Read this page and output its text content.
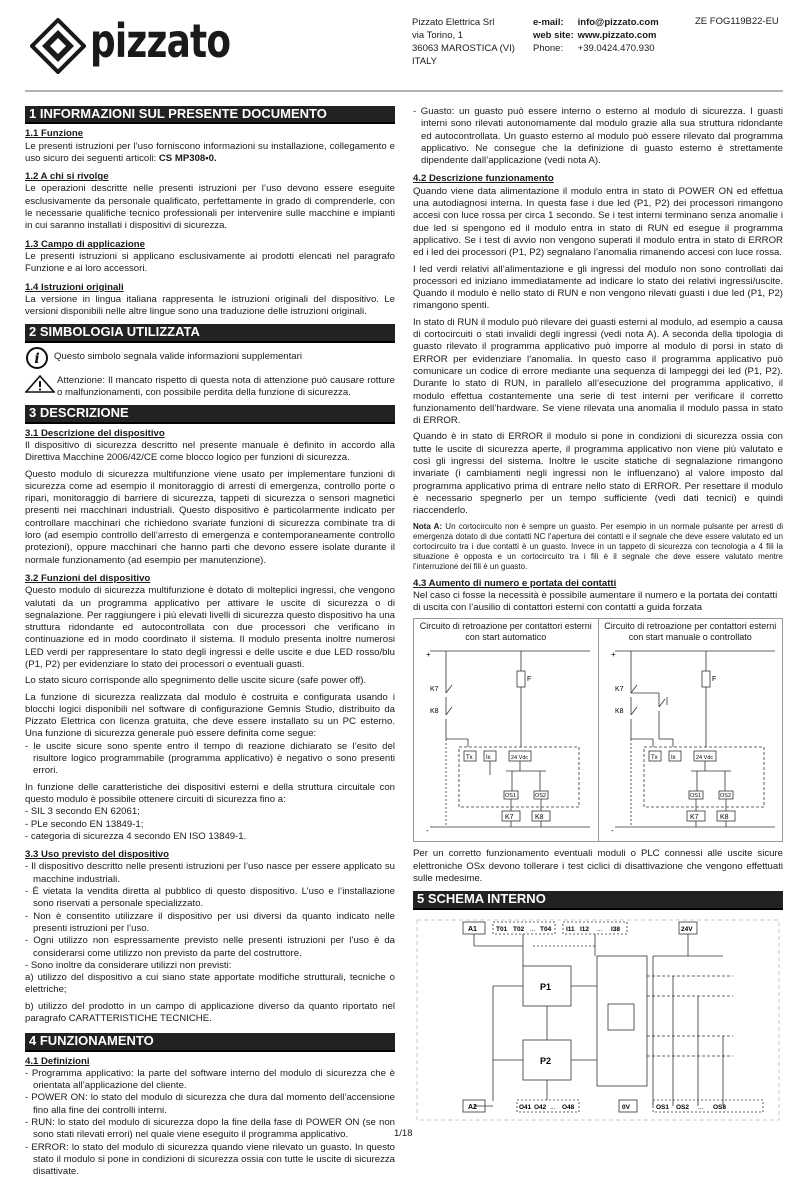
pizzato	Pizzato Elettrica Srl
via Torino, 1
36063 MAROSTICA (VI)
ITALY
e-mail: info@pizzato.com
web site: www.pizzato.com
Phone: +39.0424.470.930
ZE FOG119B22-EU
1 INFORMAZIONI SUL PRESENTE DOCUMENTO
1.1 Funzione

Le presenti istruzioni per l’uso forniscono informazioni su installazione, collegamento e uso sicuro dei seguenti articoli: CS MP308•0.

1.2 A chi si rivolge

Le operazioni descritte nelle presenti istruzioni per l’uso devono essere eseguite esclusivamente da personale qualificato, perfettamente in grado di comprenderle, con le necessarie qualifiche tecnico professionali per intervenire sulle macchine e impianti in cui saranno installati i dispositivi di sicurezza.

1.3 Campo di applicazione

Le presenti istruzioni si applicano esclusivamente ai prodotti elencati nel paragrafo Funzione e ai loro accessori.

1.4 Istruzioni originali

La versione in lingua italiana rappresenta le istruzioni originali del dispositivo. Le versioni disponibili nelle altre lingue sono una traduzione delle istruzioni originali.

2 SIMBOLOGIA UTILIZZATA
i Questo simbolo segnala valide informazioni supplementari
Attenzione: Il mancato rispetto di questa nota di attenzione può causare rotture o malfunzionamenti, con possibile perdita della funzione di sicurezza.
3 DESCRIZIONE
3.1 Descrizione del dispositivo

Il dispositivo di sicurezza descritto nel presente manuale è definito in accordo alla Direttiva Macchine 2006/42/CE come blocco logico per funzioni di sicurezza.

Questo modulo di sicurezza multifunzione viene usato per implementare funzioni di sicurezza come ad esempio il monitoraggio di arresti di emergenza, controllo porte o ripari, monitoraggio di barriere di sicurezza, tappeti di sicurezza o sensori magnetici presenti nei macchinari industriali. Questo dispositivo è particolarmente indicato per controllare macchinari che richiedono svariate funzioni di sicurezza combinate tra di loro (ad esempio controllo dell’arresto di emergenza e contemporaneamente controllo protezioni), oppure macchinari che hanno parti che devono essere isolate durante il normale funzionamento (ad esempio per manutenzione).

3.2 Funzioni del dispositivo

Questo modulo di sicurezza multifunzione è dotato di molteplici ingressi, che vengono valutati da un programma applicativo per attivare le uscite di sicurezza o di segnalazione. Per raggiungere i più elevati livelli di sicurezza questo dispositivo ha una struttura ridondante ed autocontrollata con due processori che verificano in continuazione ed in modo coordinato il sistema. Il modulo presenta inoltre numerosi LED verdi per rappresentare lo stato degli ingressi e delle uscite e due LED rosso/blu (P1, P2) per evidenziare lo stato dei processori o eventuali guasti.

Lo stato sicuro corrisponde allo spegnimento delle uscite sicure (safe power off).

La funzione di sicurezza realizzata dal modulo è costruita e configurata usando i blocchi logici disponibili nel software di configurazione Gemnis Studio, distribuito da Pizzato Elettrica con licenza gratuita, che deve essere installato su un PC esterno. Una funzione di sicurezza generale può essere definita come segue:

- le uscite sicure sono spente entro il tempo di reazione dichiarato se l’esito del risultore logico programmabile (programma applicativo) è negativo o sono presenti errori.

In funzione delle caratteristiche dei dispositivi esterni e della struttura circuitale con questo modulo è possibile ottenere circuiti di sicurezza fino a:

- SIL 3 secondo EN 62061;
- PLe secondo EN 13849-1;
- categoria di sicurezza 4 secondo EN ISO 13849-1.
3.3 Uso previsto del dispositivo

- Il dispositivo descritto nelle presenti istruzioni per l’uso nasce per essere applicato su macchine industriali.

- È vietata la vendita diretta al pubblico di questo dispositivo. L’uso e l’installazione sono riservati a personale specializzato.

- Non è consentito utilizzare il dispositivo per usi diversi da quanto indicato nelle presenti istruzioni per l’uso.

- Ogni utilizzo non espressamente previsto nelle presenti istruzioni per l’uso è da considerarsi come utilizzo non previsto da parte del costruttore.

- Sono inoltre da considerare utilizzi non previsti:

a) utilizzo del dispositivo a cui siano state apportate modifiche strutturali, tecniche o elettriche;

b) utilizzo del prodotto in un campo di applicazione diverso da quanto riportato nel paragrafo CARATTERISTICHE TECNICHE.

4 FUNZIONAMENTO
4.1 Definizioni

- Programma applicativo: la parte del software interno del modulo di sicurezza che è orientata all’applicazione del cliente.

- POWER ON: lo stato del modulo di sicurezza che dura dal momento dell’accensione fino alla fine dei controlli interni.

- RUN: lo stato del modulo di sicurezza dopo la fine della fase di POWER ON (se non sono stati rilevati errori) nel quale viene eseguito il programma applicativo.

- ERROR: lo stato del modulo di sicurezza quando viene rilevato un guasto. In questo stato il modulo si pone in condizioni di sicurezza ossia con tutte le uscite di sicurezza disattivate.

- Guasto: un guasto può essere interno o esterno al modulo di sicurezza. I guasti interni sono rilevati autonomamente dal modulo grazie alla sua struttura ridondante ed autocontrollata. Un guasto esterno al modulo può essere rilevato dal programma applicativo. Ne consegue che la definizione di guasto esterno è strettamente dipendente dall’applicazione (vedi nota A).

4.2 Descrizione funzionamento

Quando viene data alimentazione il modulo entra in stato di POWER ON ed effettua una autodiagnosi interna. In questa fase i due led (P1, P2) dei processori rimangono accesi con luce rossa per circa 1 secondo. Se i test interni terminano senza anomalie i due led si spengono ed il modulo entra in stato di RUN ed esegue il programma applicativo. Se i test di avvio non vengono superati il modulo entra in stato di ERROR ed i led dei processori (P1, P2) segnalano l’anomalia rimanendo accesi con luce rossa.

I led verdi relativi all’alimentazione e gli ingressi del modulo non sono controllati dai processori ed iniziano immediatamente ad indicare lo stato dei relativi ingressi/uscite. Quando il modulo è nello stato di RUN e non vengono rilevati guasti i due led (P1, P2) rimangono spenti.

In stato di RUN il modulo può rilevare dei guasti esterni al modulo, ad esempio a causa di cortocircuiti o stati invalidi degli ingressi (vedi nota A). A seconda della tipologia di guasto rilevato il programma applicativo può imporre al modulo di porsi in stato di ERROR per evidenziare l’anomalia. In questo caso il programma applicativo può comunicare un codice di errore mediante una sequenza di lampeggi dei led (P1, P2). Durante lo stato di RUN, in parallelo all’esecuzione del programma applicativo, il modulo effettua costantemente una serie di test interni per verificare il corretto funzionamento dell’hardware. Se viene rilevata una anomalia il modulo passa in stato di ERROR.

Quando è in stato di ERROR il modulo si pone in condizioni di sicurezza ossia con tutte le uscite di sicurezza aperte, il programma applicativo non viene più valutato e così gli ingressi del sistema. Inoltre le uscite statiche di segnalazione rimangono invariate (i cambiamenti negli ingressi non le influenzano) al valore imposto dal programma applicativo prima di entrare nello stato di ERROR. Per resettare il modulo è necessario spegnerlo per un tempo sufficiente (vedi dati tecnici) e quindi riaccenderlo.

Nota A: Un cortocircuito non è sempre un guasto. Per esempio in un normale pulsante per arresti di emergenza dotato di due contatti NC l’apertura dei contatti e il segnale che deve essere valutato ed un cortocircuito tra i due contatti è un guasto. Invece in un tappeto di sicurezza con tecnologia a 4 fili la situazione è opposta e un cortocircuito tra i fili è il segnale che deve essere valutato mentre l’interruzione dei fili è un guasto.
4.3 Aumento di numero e portata dei contatti

Nel caso ci fosse la necessità è possibile aumentare il numero e la portata dei contatti di uscita con l’ausilio di contattori esterni con contatti a guida forzata

Circuito di retroazione per contattori esterni con start automatico
+
-
K7
K8
F
Tx Ix	24 Vdc
OS1	OS2
K7	K8
Circuito di retroazione per contattori esterni con start manuale o controllato
+
-
K7
K8
F
Tx Ix	24 Vdc
OS1	OS2
K7	K8

Per un corretto funzionamento eventuali moduli o PLC connessi alle uscite sicure elettroniche OSx devono tollerare i test ciclici di disattivazione che vengono effettuati sulle medesime.

5 SCHEMA INTERNO
A1	T01 T02 ... T04 I11 I12 ... I38	24V
P1
P2
A2	O41 O42 ... O48	0V	OS1 OS2 ... OS8
1/18
